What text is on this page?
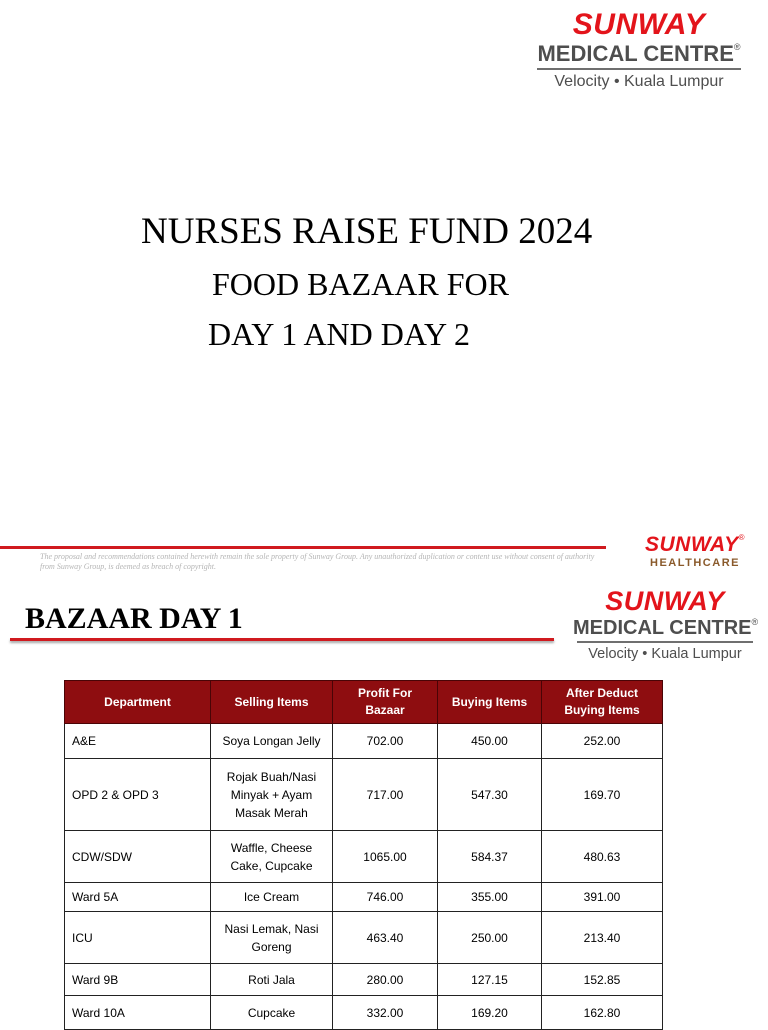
SUNWAY
MEDICAL CENTRE®
Velocity • Kuala Lumpur
NURSES RAISE FUND 2024
FOOD BAZAAR FOR
DAY 1 AND DAY 2
The proposal and recommendations contained herewith remain the sole property of Sunway Group. Any unauthorized duplication or content use without consent of authority from Sunway Group, is deemed as breach of copyright.
SUNWAY®
HEALTHCARE
BAZAAR DAY 1
SUNWAY
MEDICAL CENTRE®
Velocity • Kuala Lumpur
Department	Selling Items	Profit For Bazaar	Buying Items	After Deduct Buying Items
A&E	Soya Longan Jelly	702.00	450.00	252.00
OPD 2 & OPD 3	Rojak Buah/Nasi Minyak + Ayam Masak Merah	717.00	547.30	169.70
CDW/SDW	Waffle, Cheese Cake, Cupcake	1065.00	584.37	480.63
Ward 5A	Ice Cream	746.00	355.00	391.00
ICU	Nasi Lemak, Nasi Goreng	463.40	250.00	213.40
Ward 9B	Roti Jala	280.00	127.15	152.85
Ward 10A	Cupcake	332.00	169.20	162.80
